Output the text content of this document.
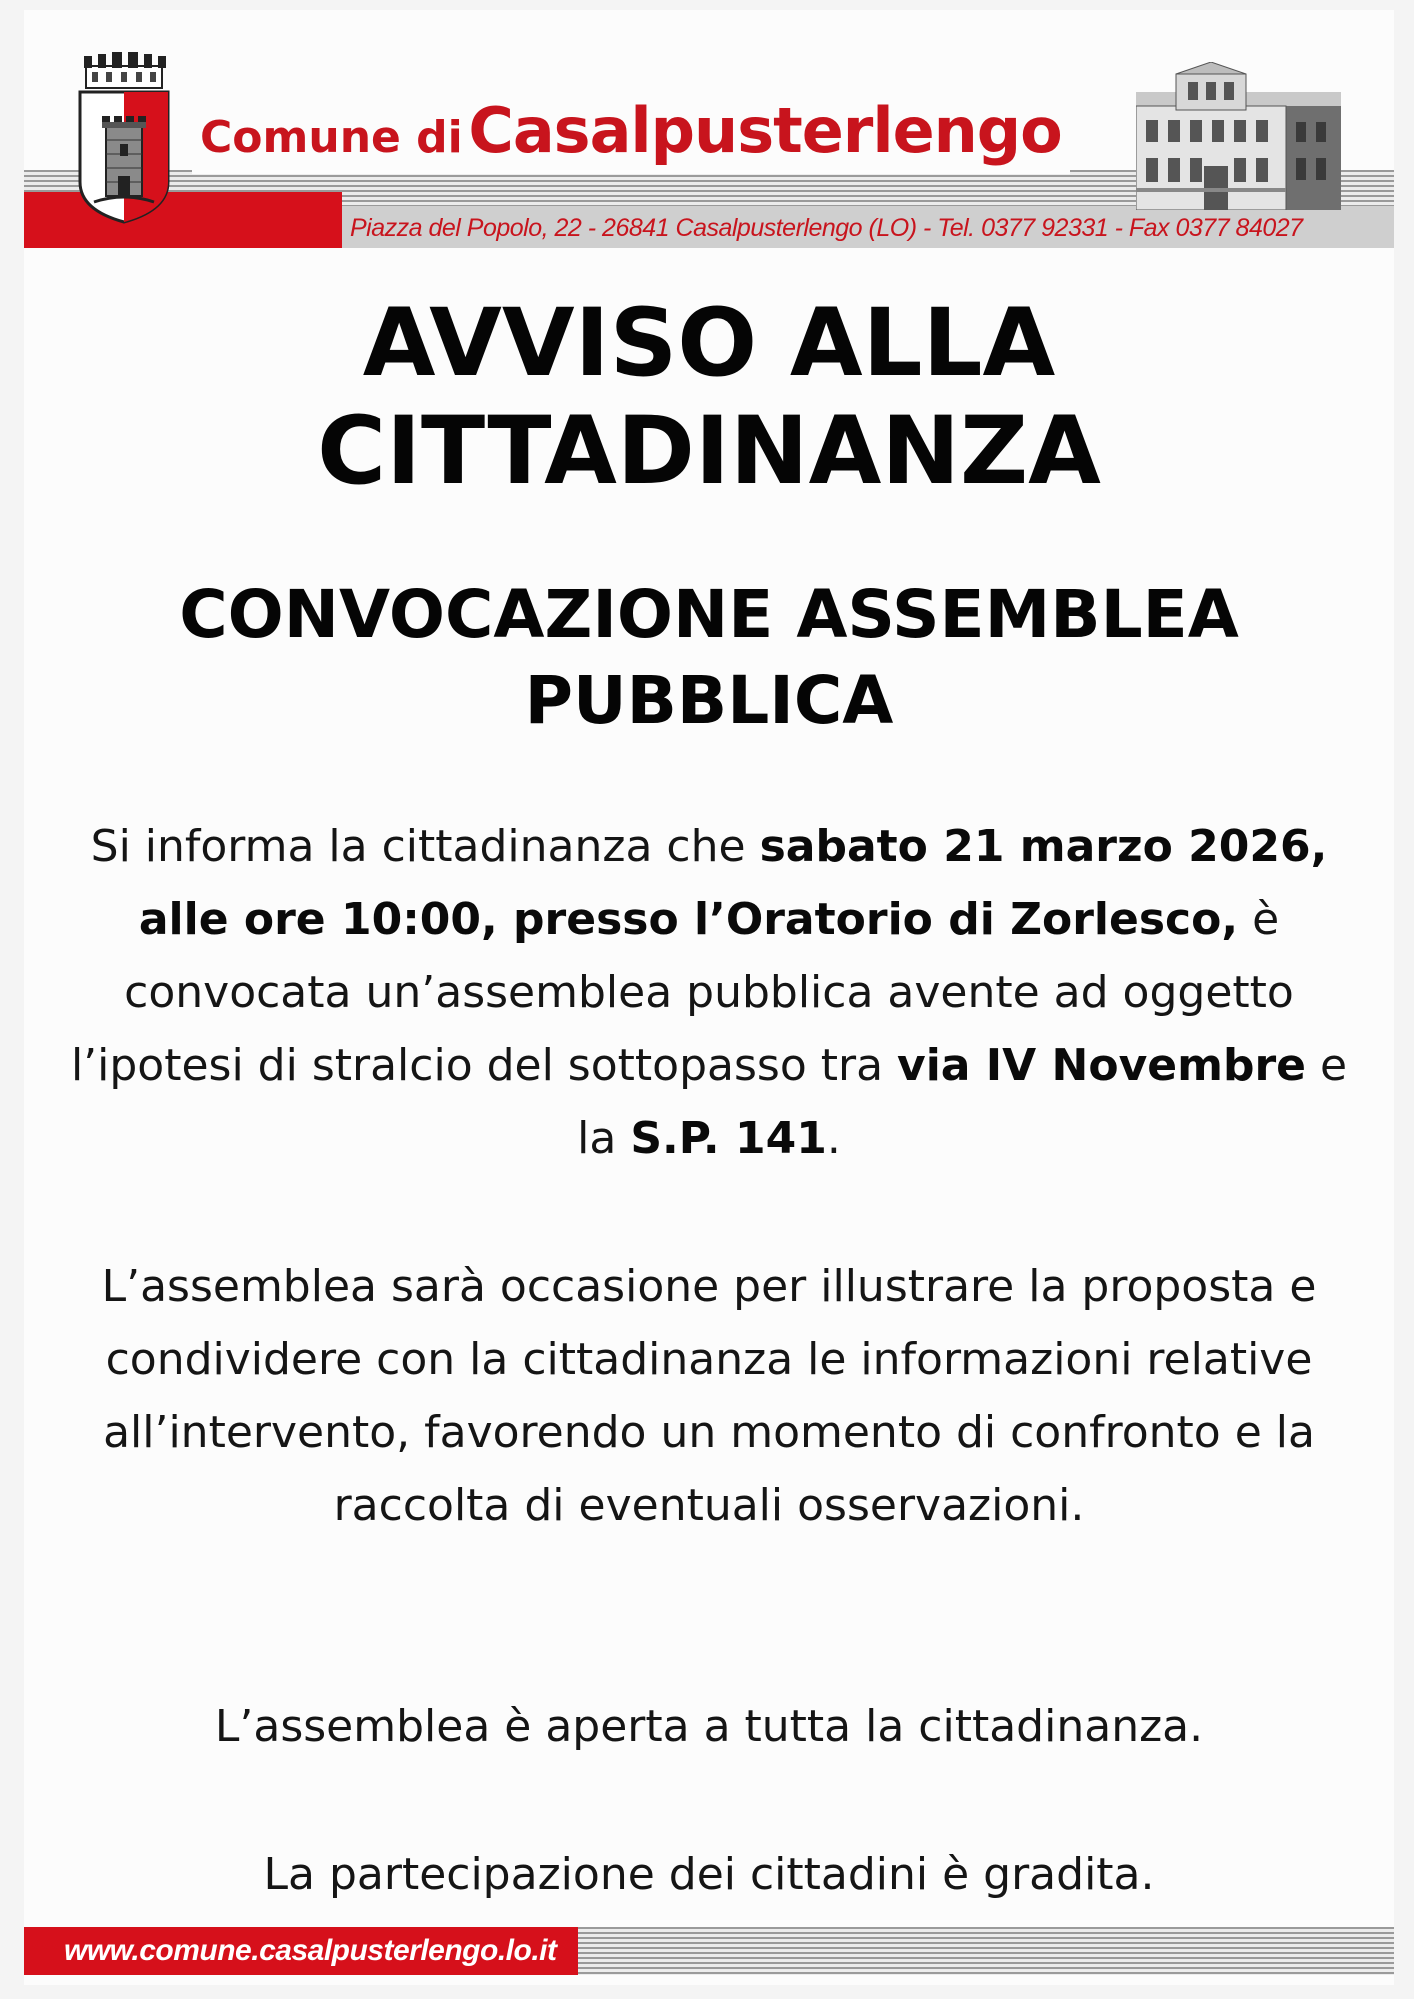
Piazza del Popolo, 22 - 26841 Casalpusterlengo (LO) - Tel. 0377 92331 - Fax 0377 84027
Comune di Casalpusterlengo
AVVISO ALLA
CITTADINANZA
CONVOCAZIONE ASSEMBLEA
PUBBLICA
Si informa la cittadinanza che sabato 21 marzo 2026, alle ore 10:00, presso l’Oratorio di Zorlesco, è convocata un’assemblea pubblica avente ad oggetto l’ipotesi di stralcio del sottopasso tra via IV Novembre e la S.P. 141.
L’assemblea sarà occasione per illustrare la proposta e condividere con la cittadinanza le informazioni relative all’intervento, favorendo un momento di confronto e la raccolta di eventuali osservazioni.
L’assemblea è aperta a tutta la cittadinanza.
La partecipazione dei cittadini è gradita.
www.comune.casalpusterlengo.lo.it
